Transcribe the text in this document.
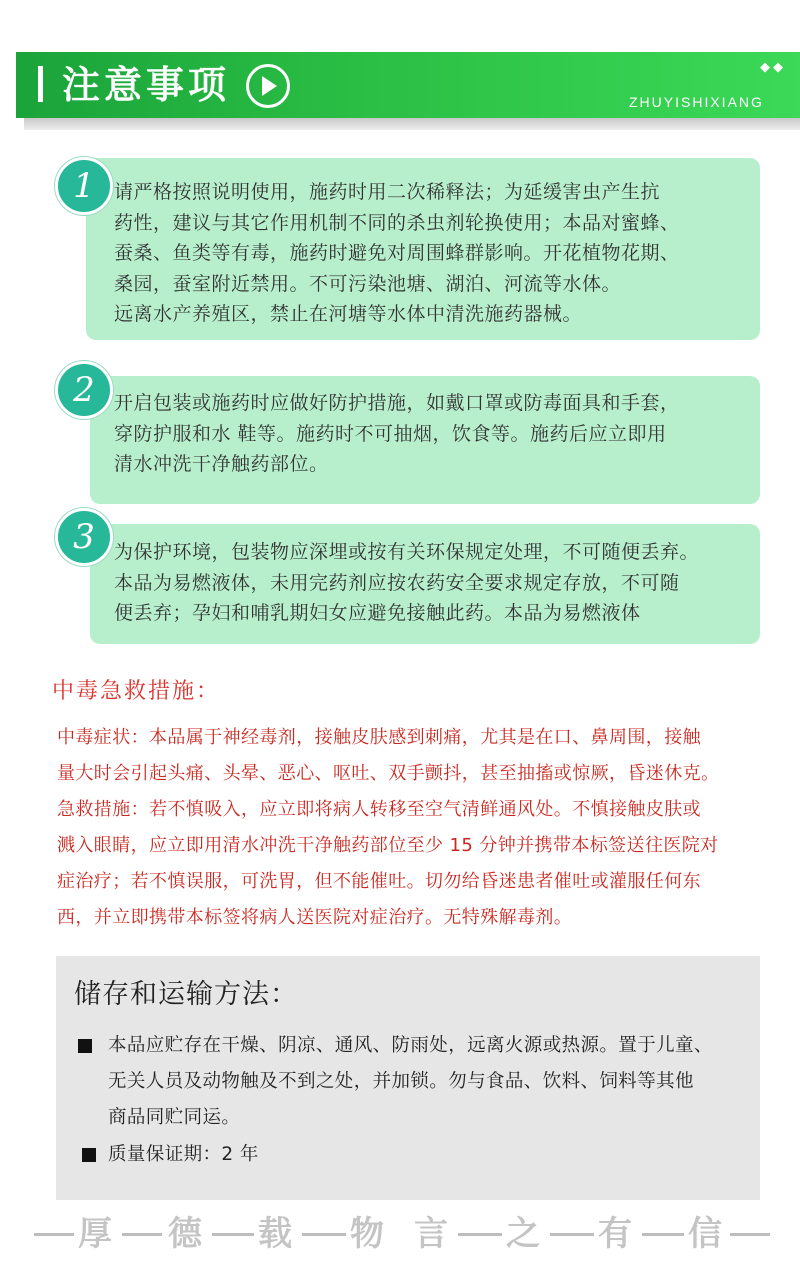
注意事项	◆◆
ZHUYISHIXIANG
1	请严格按照说明使用，施药时用二次稀释法；为延缓害虫产生抗
药性，建议与其它作用机制不同的杀虫剂轮换使用；本品对蜜蜂、
蚕桑、鱼类等有毒，施药时避免对周围蜂群影响。开花植物花期、
桑园，蚕室附近禁用。不可污染池塘、湖泊、河流等水体。
远离水产养殖区，禁止在河塘等水体中清洗施药器械。
2	开启包装或施药时应做好防护措施，如戴口罩或防毒面具和手套，
穿防护服和水 鞋等。施药时不可抽烟，饮食等。施药后应立即用
清水冲洗干净触药部位。
3	为保护环境，包装物应深埋或按有关环保规定处理，不可随便丢弃。
本品为易燃液体，未用完药剂应按农药安全要求规定存放，不可随
便丢弃；孕妇和哺乳期妇女应避免接触此药。本品为易燃液体
中毒急救措施：

中毒症状：本品属于神经毒剂，接触皮肤感到刺痛，尤其是在口、鼻周围，接触

量大时会引起头痛、头晕、恶心、呕吐、双手颤抖，甚至抽搐或惊厥，昏迷休克。

急救措施：若不慎吸入，应立即将病人转移至空气清鲜通风处。不慎接触皮肤或

溅入眼睛，应立即用清水冲洗干净触药部位至少 15 分钟并携带本标签送往医院对

症治疗；若不慎误服，可洗胃，但不能催吐。切勿给昏迷患者催吐或灌服任何东

西，并立即携带本标签将病人送医院对症治疗。无特殊解毒剂。

储存和运输方法：
本品应贮存在干燥、阴凉、通风、防雨处，远离火源或热源。置于儿童、
无关人员及动物触及不到之处，并加锁。勿与食品、饮料、饲料等其他
商品同贮同运。
质量保证期：2 年
厚 德 载 物 言 之 有 信
